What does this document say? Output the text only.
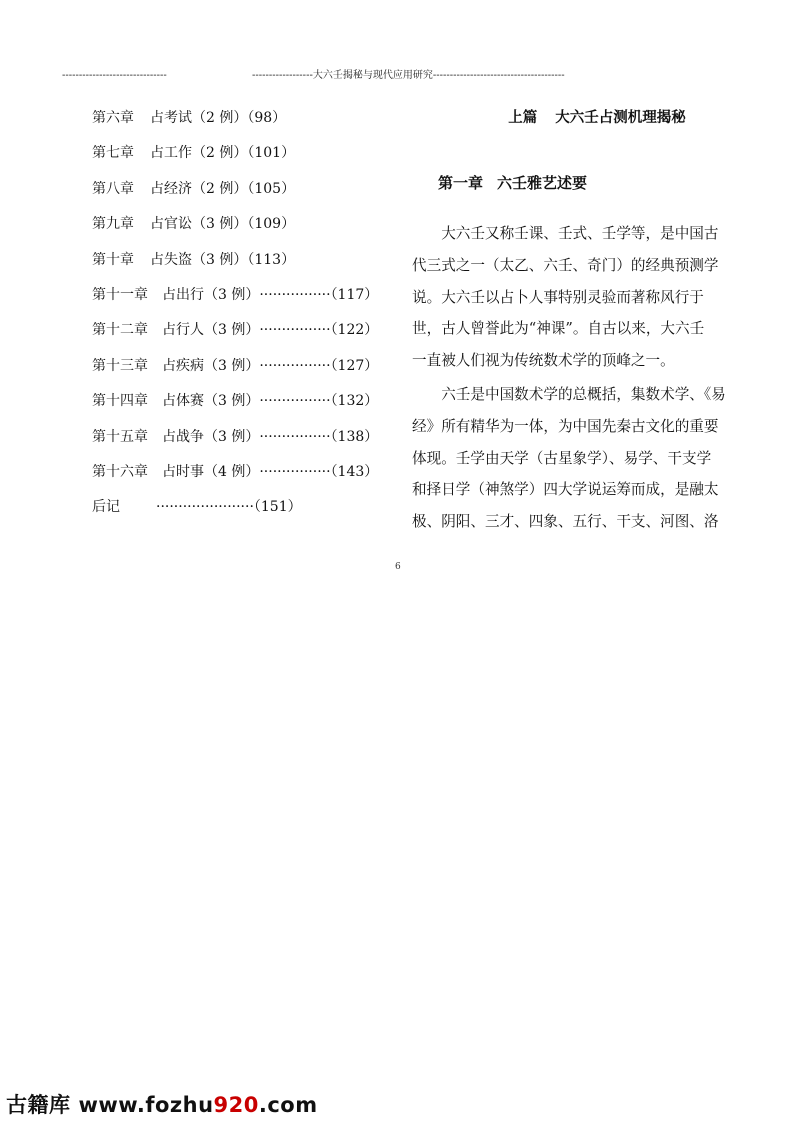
-------------------------------	------------------大六壬揭秘与现代应用研究---------------------------------------
第六章 占考试（2 例）（98）
第七章 占工作（2 例）（101）
第八章 占经济（2 例）（105）
第九章 占官讼（3 例）（109）
第十章 占失盗（3 例）（113）
第十一章 占出行（3 例）················（117）
第十二章 占行人（3 例）················（122）
第十三章 占疾病（3 例）················（127）
第十四章 占体赛（3 例）················（132）
第十五章 占战争（3 例）················（138）
第十六章 占时事（4 例）················（143）
后记	······················（151）
上篇 大六壬占测机理揭秘
第一章 六壬雅艺述要
大六壬又称壬课、壬式、壬学等，是中国古
代三式之一（太乙、六壬、奇门）的经典预测学
说。大六壬以占卜人事特别灵验而著称风行于
世，古人曾誉此为“神课”。自古以来，大六壬
一直被人们视为传统数术学的顶峰之一。
六壬是中国数术学的总概括，集数术学、《易
经》所有精华为一体，为中国先秦古文化的重要
体现。壬学由天学（古星象学）、易学、干支学
和择日学（神煞学）四大学说运筹而成，是融太
极、阴阳、三才、四象、五行、干支、河图、洛
6
古籍库 www.fozhu920.com
